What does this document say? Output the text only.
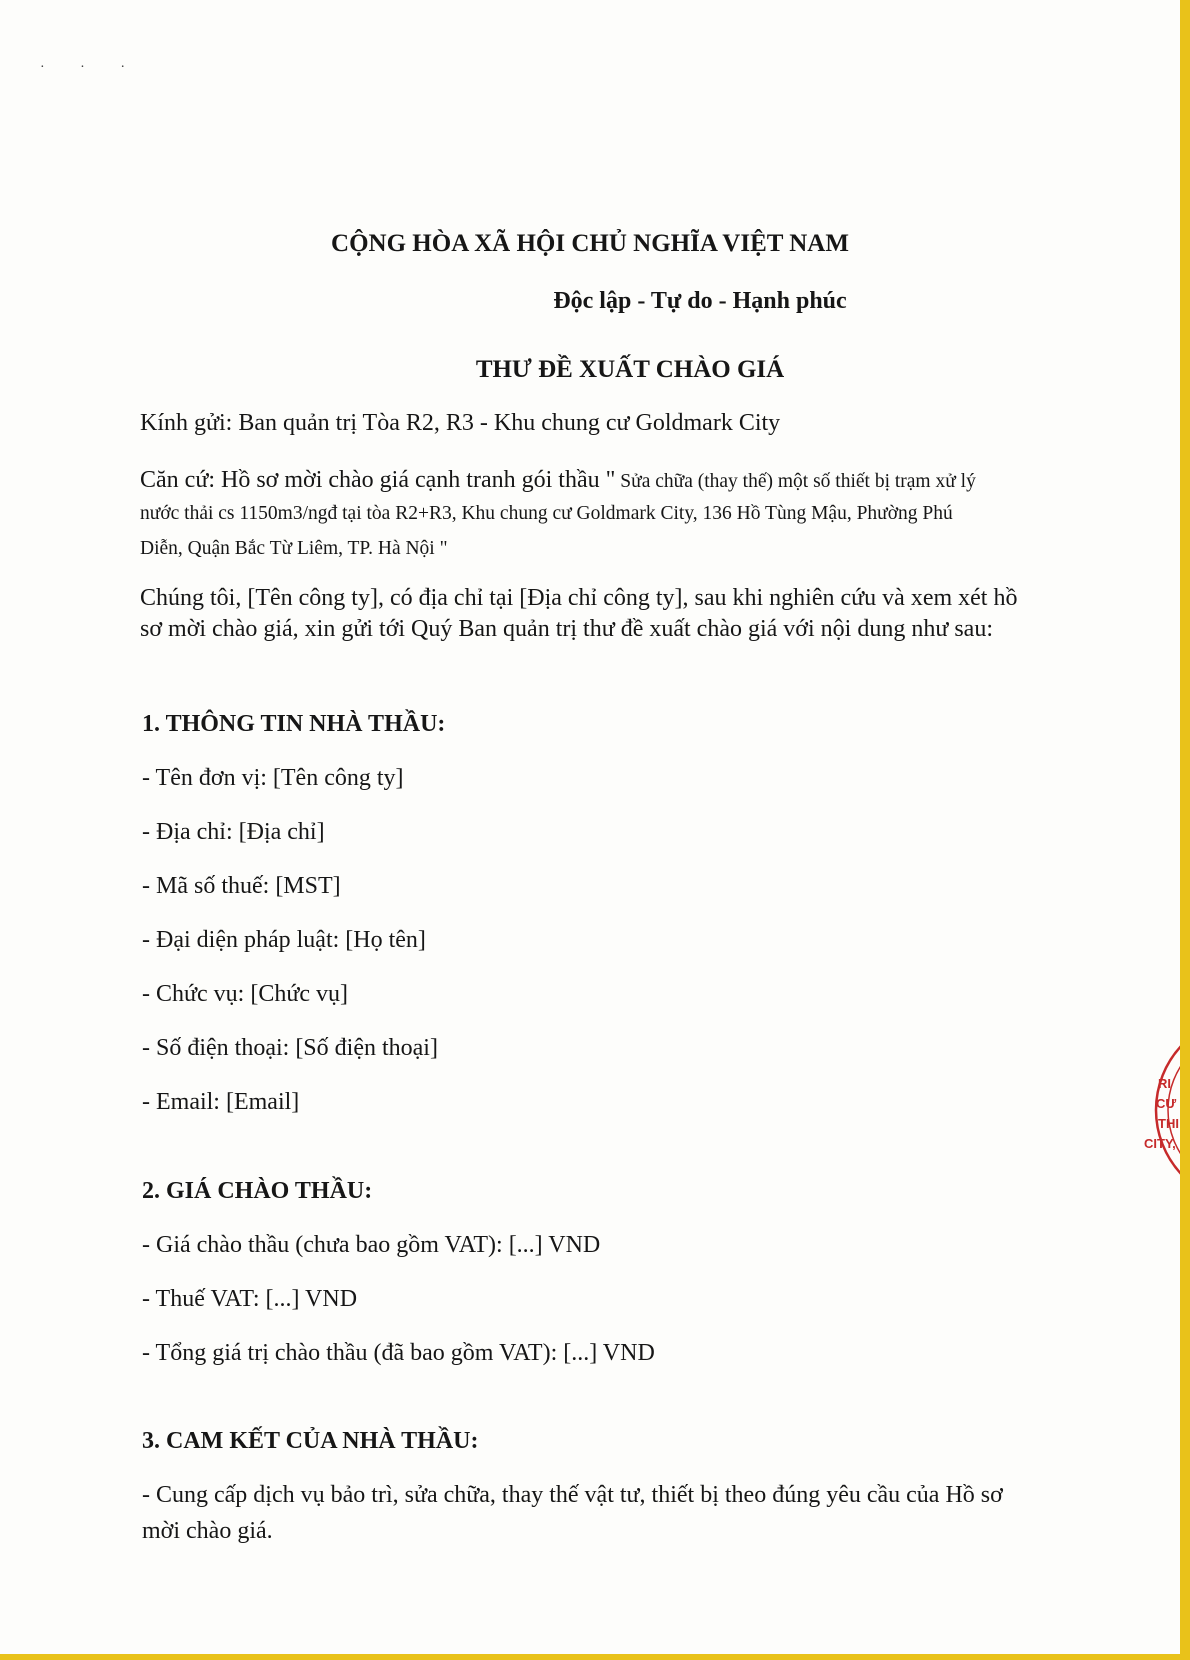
· · ·
CỘNG HÒA XÃ HỘI CHỦ NGHĨA VIỆT NAM
Độc lập - Tự do - Hạnh phúc
THƯ ĐỀ XUẤT CHÀO GIÁ
Kính gửi: Ban quản trị Tòa R2, R3 - Khu chung cư Goldmark City
Căn cứ: Hồ sơ mời chào giá cạnh tranh gói thầu " Sửa chữa (thay thế) một số thiết bị trạm xử lý
nước thải cs 1150m3/ngđ tại tòa R2+R3, Khu chung cư Goldmark City, 136 Hồ Tùng Mậu, Phường Phú
Diễn, Quận Bắc Từ Liêm, TP. Hà Nội "
Chúng tôi, [Tên công ty], có địa chỉ tại [Địa chỉ công ty], sau khi nghiên cứu và xem xét hồ
sơ mời chào giá, xin gửi tới Quý Ban quản trị thư đề xuất chào giá với nội dung như sau:
1. THÔNG TIN NHÀ THẦU:
- Tên đơn vị: [Tên công ty]
- Địa chỉ: [Địa chỉ]
- Mã số thuế: [MST]
- Đại diện pháp luật: [Họ tên]
- Chức vụ: [Chức vụ]
- Số điện thoại: [Số điện thoại]
- Email: [Email]
2. GIÁ CHÀO THẦU:
- Giá chào thầu (chưa bao gồm VAT): [...] VND
- Thuế VAT: [...] VND
- Tổng giá trị chào thầu (đã bao gồm VAT): [...] VND
3. CAM KẾT CỦA NHÀ THẦU:
- Cung cấp dịch vụ bảo trì, sửa chữa, thay thế vật tư, thiết bị theo đúng yêu cầu của Hồ sơ
mời chào giá.
RI
CƯ
THI
CITY,
